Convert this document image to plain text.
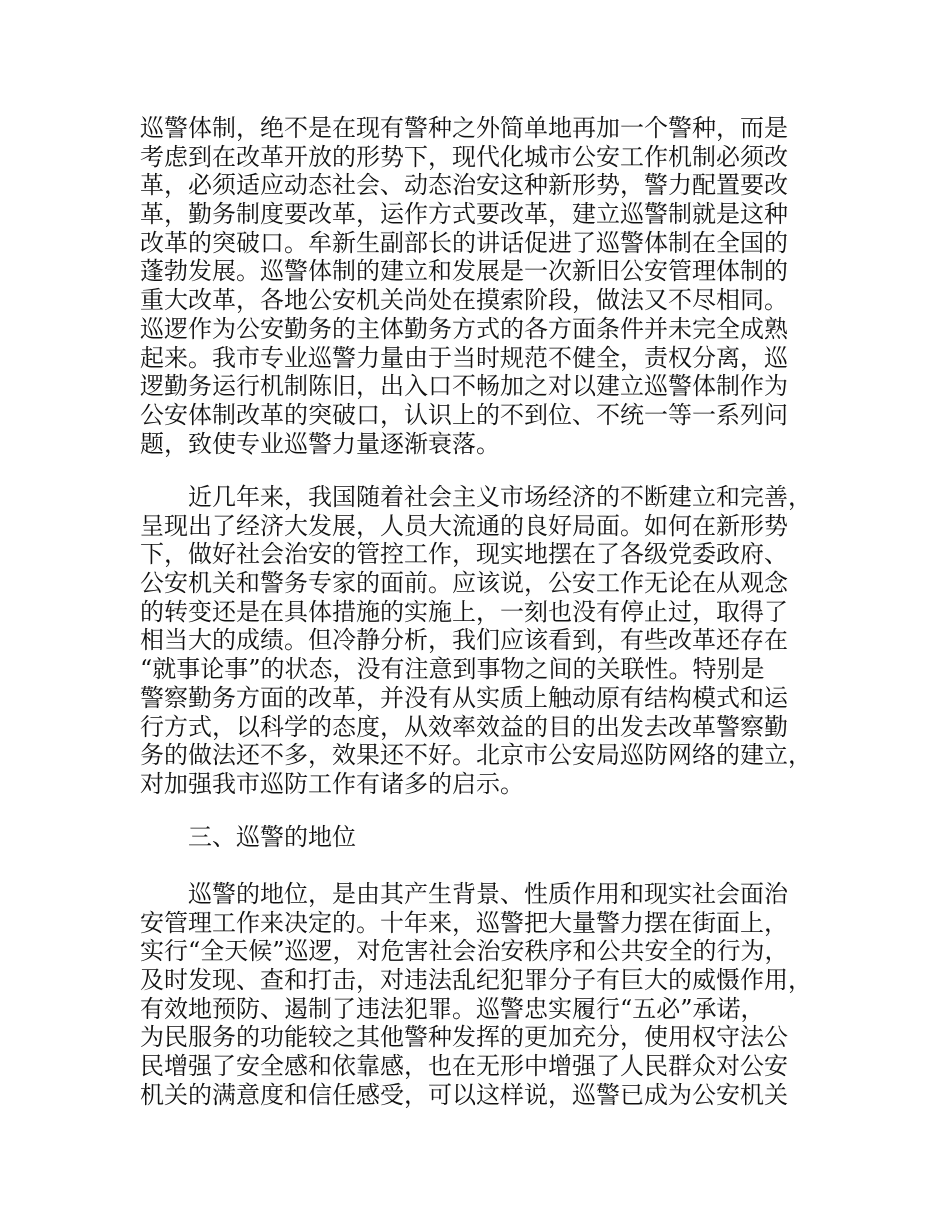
巡警体制，绝不是在现有警种之外简单地再加一个警种，而是
考虑到在改革开放的形势下，现代化城市公安工作机制必须改
革，必须适应动态社会、动态治安这种新形势，警力配置要改
革，勤务制度要改革，运作方式要改革，建立巡警制就是这种
改革的突破口。牟新生副部长的讲话促进了巡警体制在全国的
蓬勃发展。巡警体制的建立和发展是一次新旧公安管理体制的
重大改革，各地公安机关尚处在摸索阶段，做法又不尽相同。
巡逻作为公安勤务的主体勤务方式的各方面条件并未完全成熟
起来。我市专业巡警力量由于当时规范不健全，责权分离，巡
逻勤务运行机制陈旧，出入口不畅加之对以建立巡警体制作为
公安体制改革的突破口，认识上的不到位、不统一等一系列问
题，致使专业巡警力量逐渐衰落。
近几年来，我国随着社会主义市场经济的不断建立和完善，
呈现出了经济大发展，人员大流通的良好局面。如何在新形势
下，做好社会治安的管控工作，现实地摆在了各级党委政府、
公安机关和警务专家的面前。应该说，公安工作无论在从观念
的转变还是在具体措施的实施上，一刻也没有停止过，取得了
相当大的成绩。但冷静分析，我们应该看到，有些改革还存在
“就事论事”的状态，没有注意到事物之间的关联性。特别是
警察勤务方面的改革，并没有从实质上触动原有结构模式和运
行方式，以科学的态度，从效率效益的目的出发去改革警察勤
务的做法还不多，效果还不好。北京市公安局巡防网络的建立，
对加强我市巡防工作有诸多的启示。
三、巡警的地位
巡警的地位，是由其产生背景、性质作用和现实社会面治
安管理工作来决定的。十年来，巡警把大量警力摆在街面上，
实行“全天候”巡逻，对危害社会治安秩序和公共安全的行为，
及时发现、查和打击，对违法乱纪犯罪分子有巨大的威慑作用，
有效地预防、遏制了违法犯罪。巡警忠实履行“五必”承诺，
为民服务的功能较之其他警种发挥的更加充分，使用权守法公
民增强了安全感和依靠感，也在无形中增强了人民群众对公安
机关的满意度和信任感受，可以这样说，巡警已成为公安机关
